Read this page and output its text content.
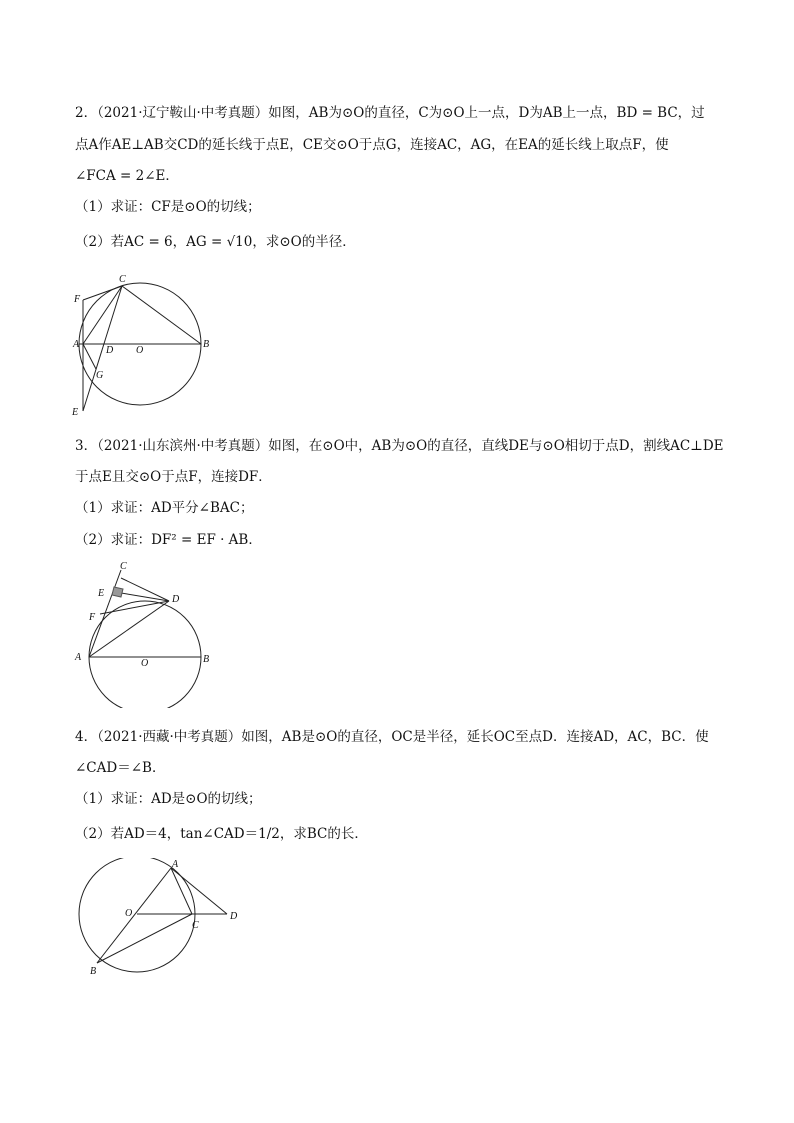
2．（2021·辽宁鞍山·中考真题）如图，AB为⊙O的直径，C为⊙O上一点，D为AB上一点，BD = BC，过
点A作AE⊥AB交CD的延长线于点E，CE交⊙O于点G，连接AC，AG，在EA的延长线上取点F，使
∠FCA = 2∠E．
（1）求证：CF是⊙O的切线；
（2）若AC = 6，AG = √10，求⊙O的半径．
C
F
A
D O
B
G
E
3．（2021·山东滨州·中考真题）如图，在⊙O中，AB为⊙O的直径，直线DE与⊙O相切于点D，割线AC⊥DE
于点E且交⊙O于点F，连接DF．
（1）求证：AD平分∠BAC；
（2）求证：DF² = EF · AB．
C
E
D
F
A
O	B
4．（2021·西藏·中考真题）如图，AB是⊙O的直径，OC是半径，延长OC至点D．连接AD，AC，BC．使
∠CAD＝∠B．
（1）求证：AD是⊙O的切线；
（2）若AD＝4，tan∠CAD＝1/2，求BC的长．
A
O
C
D
B
